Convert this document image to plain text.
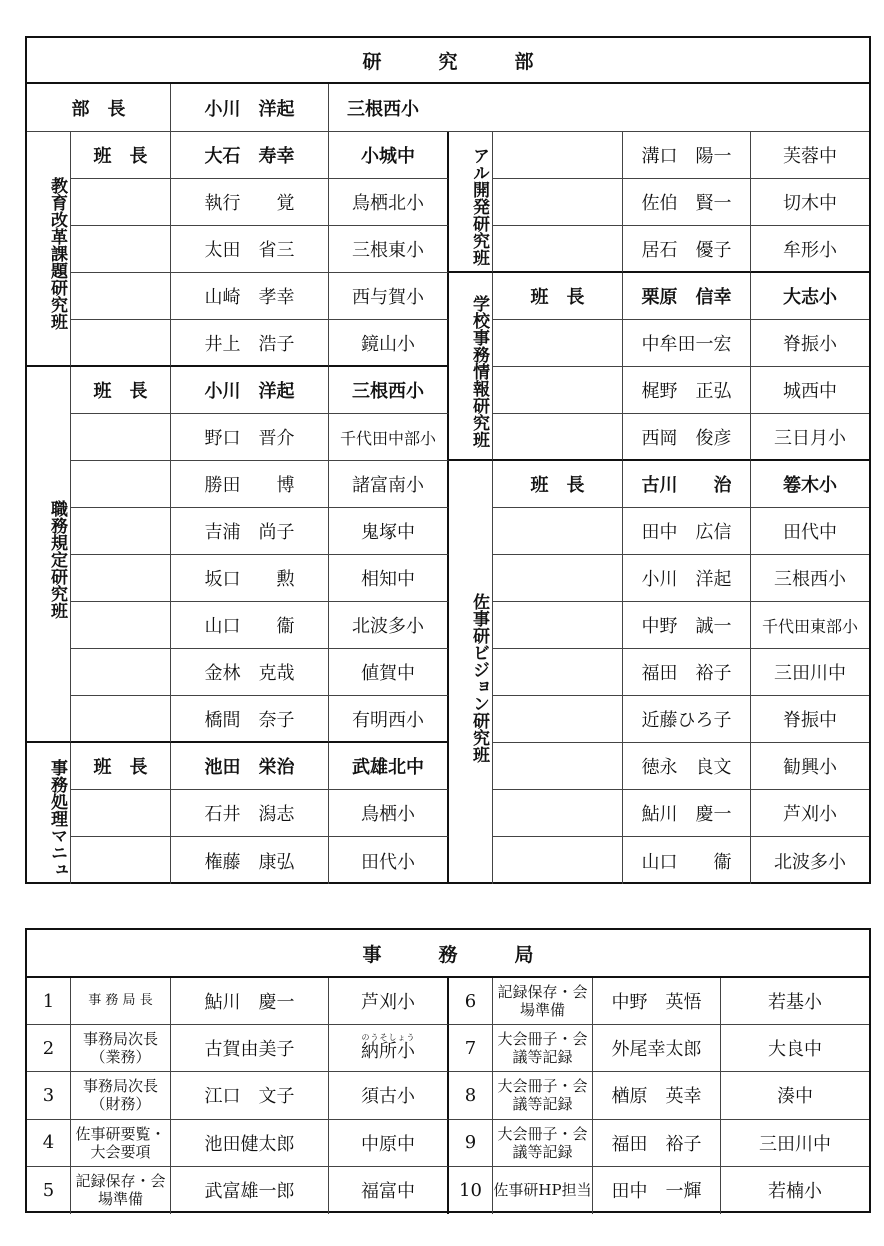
研　　　究　　　部
部　長	小川　洋起	三根西小
教育改革課題研究班
班　長	大石　寿幸	小城中
執行　　覚	鳥栖北小
太田　省三	三根東小
山崎　孝幸	西与賀小
井上　浩子	鏡山小
職務規定研究班
班　長	小川　洋起	三根西小
野口　晋介	千代田中部小
勝田　　博	諸富南小
吉浦　尚子	鬼塚中
坂口　　勲	相知中
山口　　衞	北波多小
金林　克哉	値賀中
橋間　奈子	有明西小
事務処理マニュ	班　長	池田　栄治	武雄北中
石井　潟志	鳥栖小
権藤　康弘	田代小
アル開発研究班	溝口　陽一	芙蓉中
佐伯　賢一	切木中
居石　優子	牟形小
学校事務情報研究班	班　長	栗原　信幸	大志小
中牟田一宏	脊振小
梶野　正弘	城西中
西岡　俊彦	三日月小
佐事研ビジョン研究班
班　長	古川　　治	箞木小
田中　広信	田代中
小川　洋起	三根西小
中野　誠一	千代田東部小
福田　裕子	三田川中
近藤ひろ子	脊振中
徳永　良文	勧興小
鮎川　慶一	芦刈小
山口　　衞	北波多小
事　　　務　　　局
1	事 務 局 長	鮎川　慶一	芦刈小
2	事務局次長（業務）	古賀由美子	納所小のうそしょう
3	事務局次長（財務）	江口　文子	須古小
4	佐事研要覧・大会要項	池田健太郎	中原中
5	記録保存・会場準備	武富雄一郎	福富中
6	記録保存・会場準備	中野　英悟	若基小
7	大会冊子・会議等記録	外尾幸太郎	大良中
8	大会冊子・会議等記録	楢原　英幸	湊中
9	大会冊子・会議等記録	福田　裕子	三田川中
10 佐事研HP担当	田中　一輝	若楠小
